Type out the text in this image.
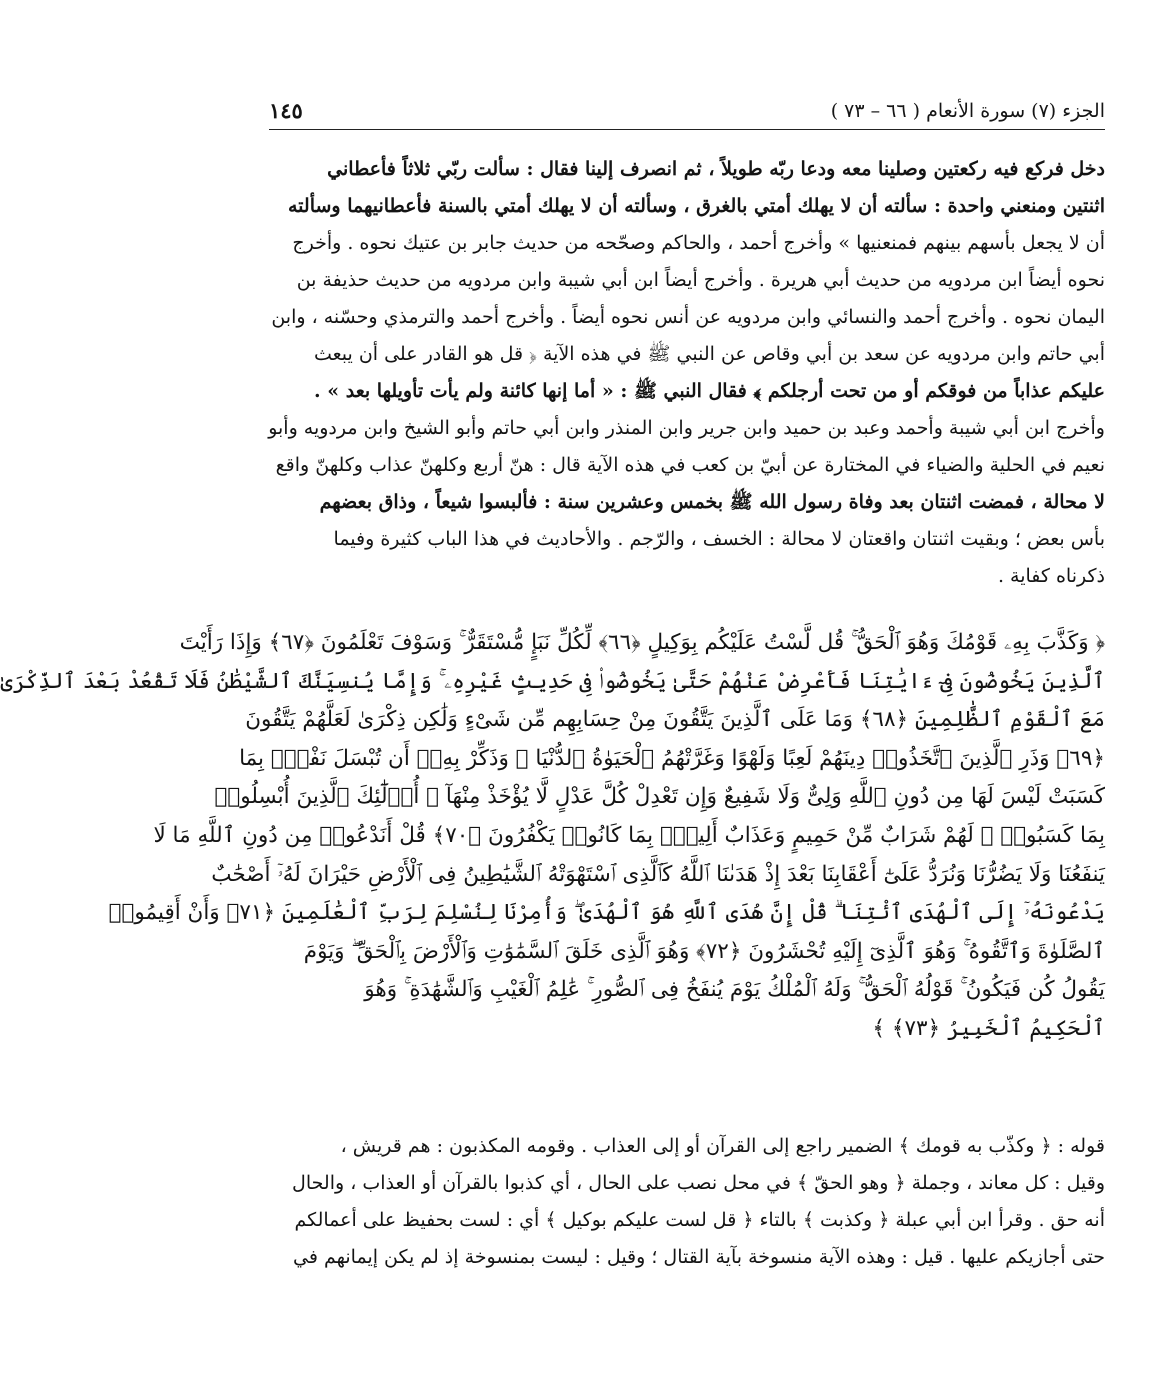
الجزء (٧) سورة الأنعام ( ٦٦ – ٧٣ )
١٤٥
دخل فركع فيه ركعتين وصلينا معه ودعا ربّه طويلاً ، ثم انصرف إلينا فقال : سألت ربّي ثلاثاً فأعطاني
اثنتين ومنعني واحدة : سألته أن لا يهلك أمتي بالغرق ، وسألته أن لا يهلك أمتي بالسنة فأعطانيهما وسألته
أن لا يجعل بأسهم بينهم فمنعنيها » وأخرج أحمد ، والحاكم وصحّحه من حديث جابر بن عتيك نحوه . وأخرج
نحوه أيضاً ابن مردويه من حديث أبي هريرة . وأخرج أيضاً ابن أبي شيبة وابن مردويه من حديث حذيفة بن
اليمان نحوه . وأخرج أحمد والنسائي وابن مردويه عن أنس نحوه أيضاً . وأخرج أحمد والترمذي وحسّنه ، وابن
أبي حاتم وابن مردويه عن سعد بن أبي وقاص عن النبي ﷺ في هذه الآية ﴿ قل هو القادر على أن يبعث
عليكم عذاباً من فوقكم أو من تحت أرجلكم ﴾ فقال النبي ﷺ : « أما إنها كائنة ولم يأت تأويلها بعد » .
وأخرج ابن أبي شيبة وأحمد وعبد بن حميد وابن جرير وابن المنذر وابن أبي حاتم وأبو الشيخ وابن مردويه وأبو
نعيم في الحلية والضياء في المختارة عن أبيّ بن كعب في هذه الآية قال : هنّ أربع وكلهنّ عذاب وكلهنّ واقع
لا محالة ، فمضت اثنتان بعد وفاة رسول الله ﷺ بخمس وعشرين سنة : فألبسوا شيعاً ، وذاق بعضهم
بأس بعض ؛ وبقيت اثنتان واقعتان لا محالة : الخسف ، والرّجم . والأحاديث في هذا الباب كثيرة وفيما
ذكرناه كفاية .
﴿ وَكَذَّبَ بِهِۦ قَوْمُكَ وَهُوَ ٱلْحَقُّ ۚ قُل لَّسْتُ عَلَيْكُم بِوَكِيلٍ ﴿٦٦﴾ لِّكُلِّ نَبَإٍ مُّسْتَقَرٌّ ۚ وَسَوْفَ تَعْلَمُونَ ﴿٦٧﴾ وَإِذَا رَأَيْتَ
ٱلَّذِينَ يَخُوضُونَ فِىٓ ءَايَٰتِنَا فَأَعْرِضْ عَنْهُمْ حَتَّىٰ يَخُوضُوا۟ فِى حَدِيثٍ غَيْرِهِۦ ۚ وَإِمَّا يُنسِيَنَّكَ ٱلشَّيْطَٰنُ فَلَا تَقْعُدْ بَعْدَ ٱلذِّكْرَىٰ
مَعَ ٱلْقَوْمِ ٱلظَّٰلِمِينَ ﴿٦٨﴾ وَمَا عَلَى ٱلَّذِينَ يَتَّقُونَ مِنْ حِسَابِهِم مِّن شَىْءٍ وَلَٰكِن ذِكْرَىٰ لَعَلَّهُمْ يَتَّقُونَ
﴿٦٩﴾ وَذَرِ ٱلَّذِينَ ٱتَّخَذُوا۟ دِينَهُمْ لَعِبًا وَلَهْوًا وَغَرَّتْهُمُ ٱلْحَيَوٰةُ ٱلدُّنْيَا ۚ وَذَكِّرْ بِهِۦٓ أَن تُبْسَلَ نَفْسٌۢ بِمَا
كَسَبَتْ لَيْسَ لَهَا مِن دُونِ ٱللَّهِ وَلِىٌّ وَلَا شَفِيعٌ وَإِن تَعْدِلْ كُلَّ عَدْلٍ لَّا يُؤْخَذْ مِنْهَآ ۗ أُو۟لَٰٓئِكَ ٱلَّذِينَ أُبْسِلُوا۟
بِمَا كَسَبُوا۟ ۖ لَهُمْ شَرَابٌ مِّنْ حَمِيمٍ وَعَذَابٌ أَلِيمٌۢ بِمَا كَانُوا۟ يَكْفُرُونَ ﴿٧٠﴾ قُلْ أَنَدْعُوا۟ مِن دُونِ ٱللَّهِ مَا لَا
يَنفَعُنَا وَلَا يَضُرُّنَا وَنُرَدُّ عَلَىٰٓ أَعْقَابِنَا بَعْدَ إِذْ هَدَىٰنَا ٱللَّهُ كَٱلَّذِى ٱسْتَهْوَتْهُ ٱلشَّيَٰطِينُ فِى ٱلْأَرْضِ حَيْرَانَ لَهُۥٓ أَصْحَٰبٌ
يَدْعُونَهُۥٓ إِلَى ٱلْهُدَى ٱئْتِنَا ۗ قُلْ إِنَّ هُدَى ٱللَّهِ هُوَ ٱلْهُدَىٰ ۖ وَأُمِرْنَا لِنُسْلِمَ لِرَبِّ ٱلْعَٰلَمِينَ ﴿٧١﴾ وَأَنْ أَقِيمُوا۟
ٱلصَّلَوٰةَ وَٱتَّقُوهُ ۚ وَهُوَ ٱلَّذِىٓ إِلَيْهِ تُحْشَرُونَ ﴿٧٢﴾ وَهُوَ ٱلَّذِى خَلَقَ ٱلسَّمَٰوَٰتِ وَٱلْأَرْضَ بِٱلْحَقِّ ۖ وَيَوْمَ
يَقُولُ كُن فَيَكُونُ ۚ قَوْلُهُ ٱلْحَقُّ ۚ وَلَهُ ٱلْمُلْكُ يَوْمَ يُنفَخُ فِى ٱلصُّورِ ۚ عَٰلِمُ ٱلْغَيْبِ وَٱلشَّهَٰدَةِ ۚ وَهُوَ
ٱلْحَكِيمُ ٱلْخَبِيرُ ﴿٧٣﴾ ﴾
قوله : ﴿ وكذّب به قومك ﴾ الضمير راجع إلى القرآن أو إلى العذاب . وقومه المكذبون : هم قريش ،
وقيل : كل معاند ، وجملة ﴿ وهو الحقّ ﴾ في محل نصب على الحال ، أي كذبوا بالقرآن أو العذاب ، والحال
أنه حق . وقرأ ابن أبي عبلة ﴿ وكذبت ﴾ بالتاء ﴿ قل لست عليكم بوكيل ﴾ أي : لست بحفيظ على أعمالكم
حتى أجازيكم عليها . قيل : وهذه الآية منسوخة بآية القتال ؛ وقيل : ليست بمنسوخة إذ لم يكن إيمانهم في
